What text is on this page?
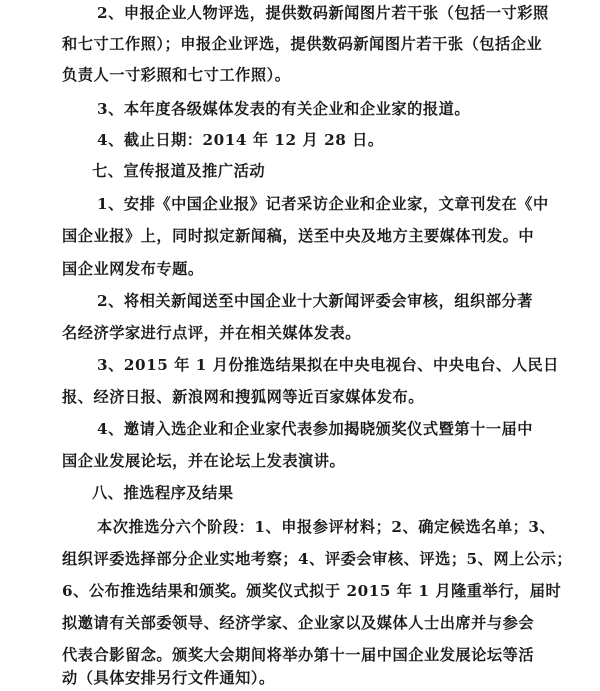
2、申报企业人物评选，提供数码新闻图片若干张（包括一寸彩照
和七寸工作照）；申报企业评选，提供数码新闻图片若干张（包括企业
负责人一寸彩照和七寸工作照）。
3、本年度各级媒体发表的有关企业和企业家的报道。
4、截止日期：2014 年 12 月 28 日。
七、宣传报道及推广活动
1、安排《中国企业报》记者采访企业和企业家，文章刊发在《中
国企业报》上，同时拟定新闻稿，送至中央及地方主要媒体刊发。中
国企业网发布专题。
2、将相关新闻送至中国企业十大新闻评委会审核，组织部分著
名经济学家进行点评，并在相关媒体发表。
3、2015 年 1 月份推选结果拟在中央电视台、中央电台、人民日
报、经济日报、新浪网和搜狐网等近百家媒体发布。
4、邀请入选企业和企业家代表参加揭晓颁奖仪式暨第十一届中
国企业发展论坛，并在论坛上发表演讲。
八、推选程序及结果
本次推选分六个阶段：1、申报参评材料；2、确定候选名单；3、
组织评委选择部分企业实地考察；4、评委会审核、评选；5、网上公示；
6、公布推选结果和颁奖。颁奖仪式拟于 2015 年 1 月隆重举行，届时
拟邀请有关部委领导、经济学家、企业家以及媒体人士出席并与参会
代表合影留念。颁奖大会期间将举办第十一届中国企业发展论坛等活
动（具体安排另行文件通知）。
